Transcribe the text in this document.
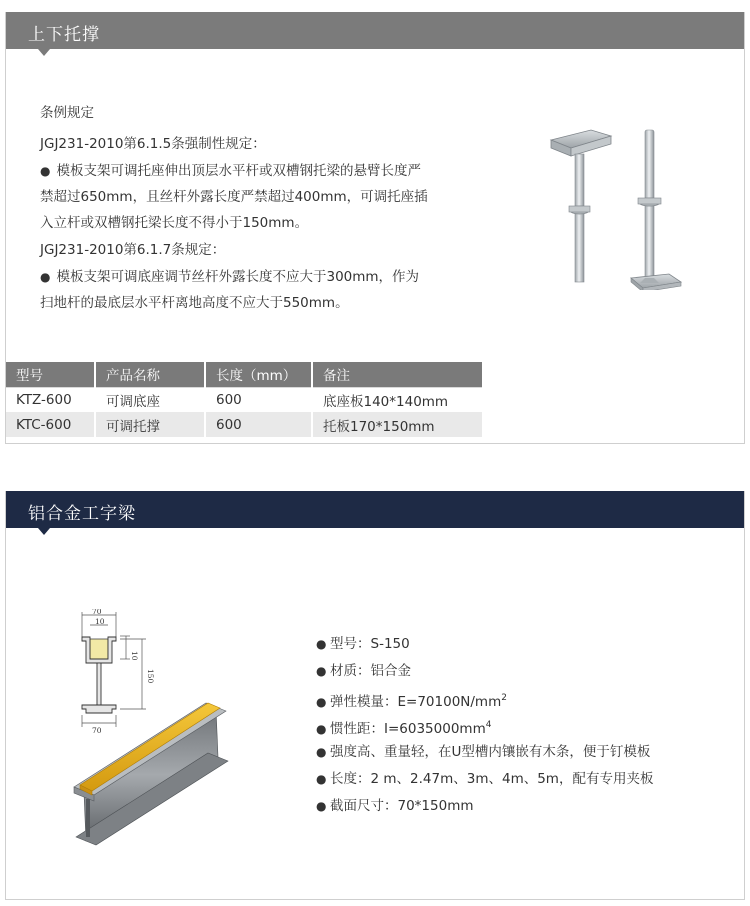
上下托撑
条例规定
JGJ231-2010第6.1.5条强制性规定：
● 模板支架可调托座伸出顶层水平杆或双槽钢托梁的悬臂长度严
禁超过650mm，且丝杆外露长度严禁超过400mm，可调托座插
入立杆或双槽钢托梁长度不得小于150mm。
JGJ231-2010第6.1.7条规定：
● 模板支架可调底座调节丝杆外露长度不应大于300mm，作为
扫地杆的最底层水平杆离地高度不应大于550mm。
型号	产品名称	长度（mm）	备注
KTZ-600	可调底座	600	底座板140*140mm
KTC-600	可调托撑	600	托板170*150mm
铝合金工字梁
70
10
10
150
70
● 型号：S-150
● 材质：铝合金
● 弹性模量：$E=70100N/mm^2$
● 惯性距：$I=6035000mm^4$
● 强度高、重量轻，在U型槽内镶嵌有木条，便于钉模板
● 长度：2 m、2.47m、3m、4m、5m，配有专用夹板
● 截面尺寸：70*150mm
